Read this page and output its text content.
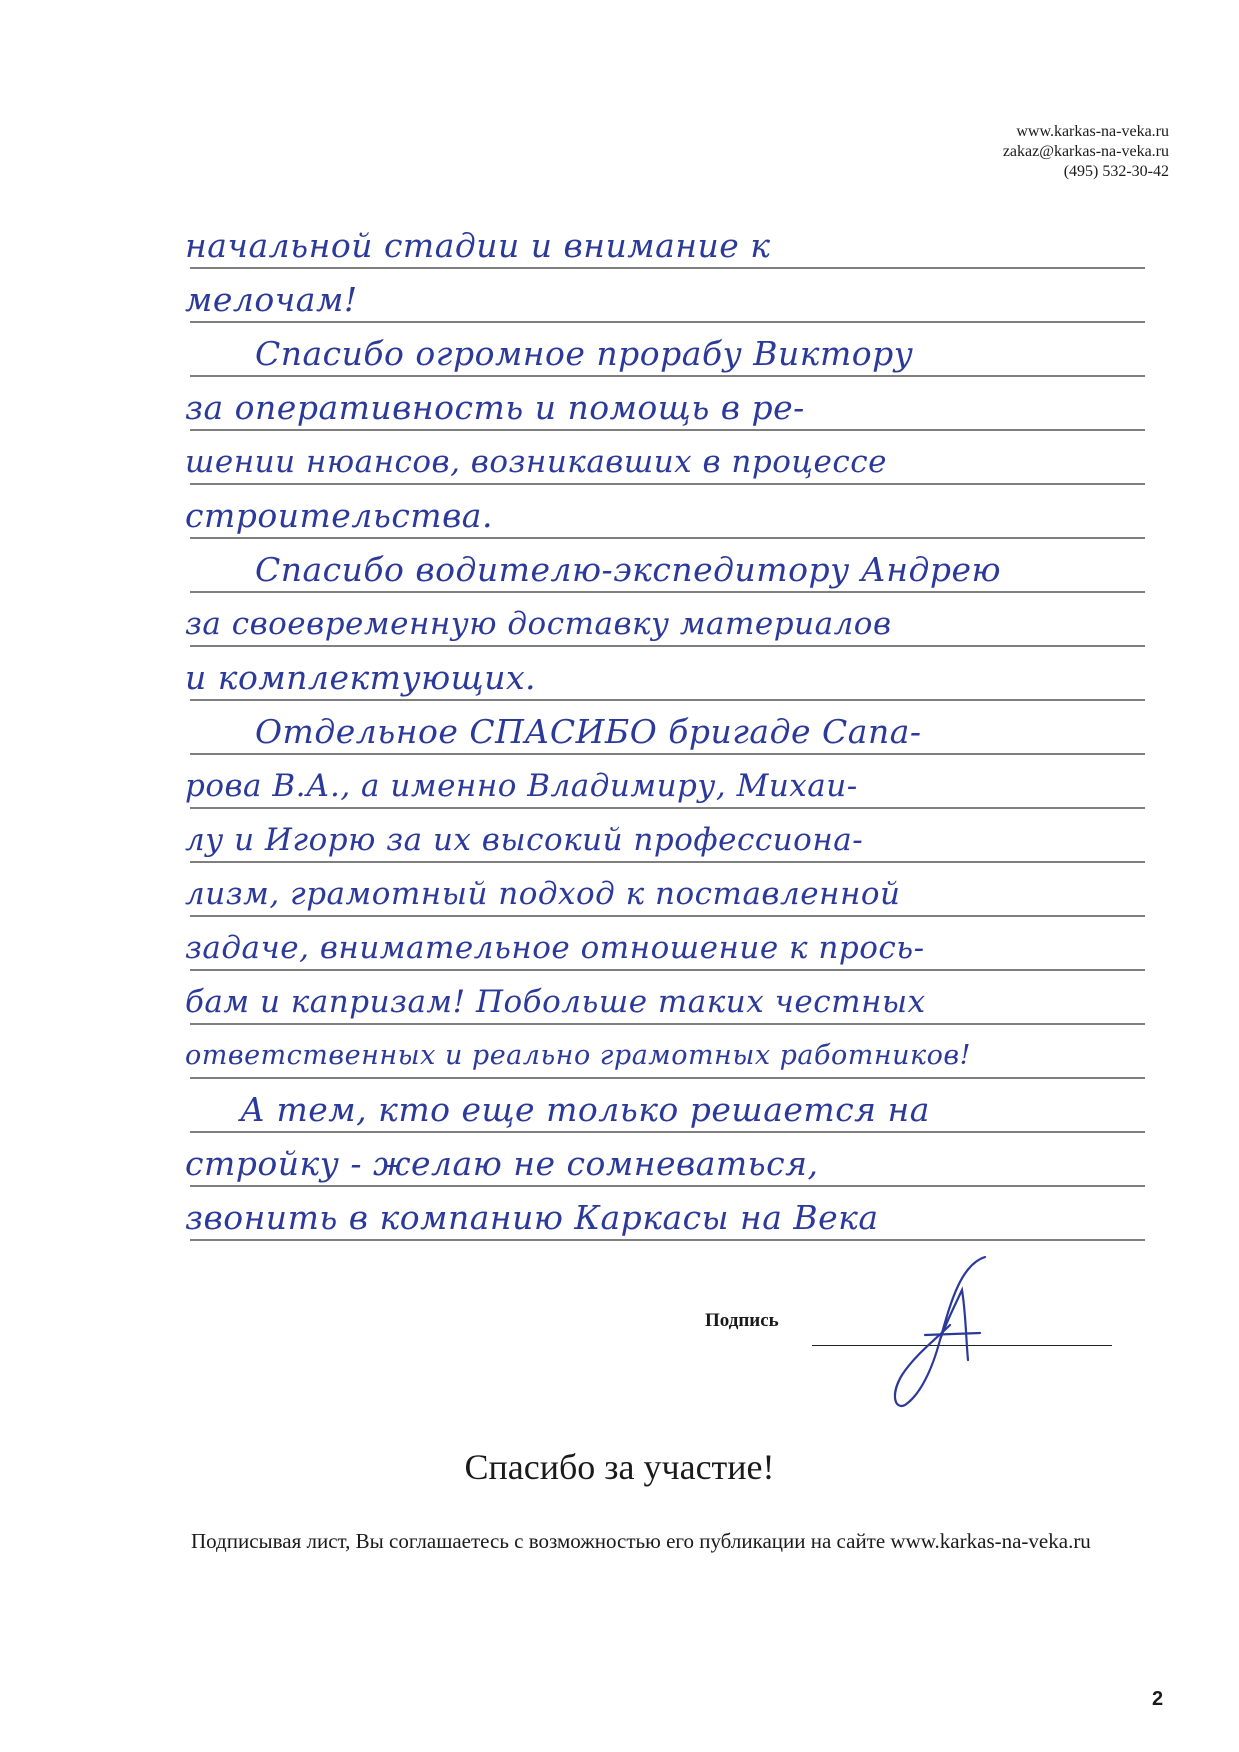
www.karkas-na-veka.ru
zakaz@karkas-na-veka.ru
(495) 532-30-42
начальной стадии и внимание к
мелочам!
Спасибо огромное прорабу Виктору
за оперативность и помощь в ре-
шении нюансов, возникавших в процессе
строительства.
Спасибо водителю-экспедитору Андрею
за своевременную доставку материалов
и комплектующих.
Отдельное СПАСИБО бригаде Сапа-
рова В.А., а именно Владимиру, Михаи-
лу и Игорю за их высокий профессиона-
лизм, грамотный подход к поставленной
задаче, внимательное отношение к прось-
бам и капризам! Побольше таких честных
ответственных и реально грамотных работников!
А тем, кто еще только решается на
стройку - желаю не сомневаться,
звонить в компанию Каркасы на Века
Подпись
Спасибо за участие!
Подписывая лист, Вы соглашаетесь с возможностью его публикации на сайте www.karkas-na-veka.ru
2
